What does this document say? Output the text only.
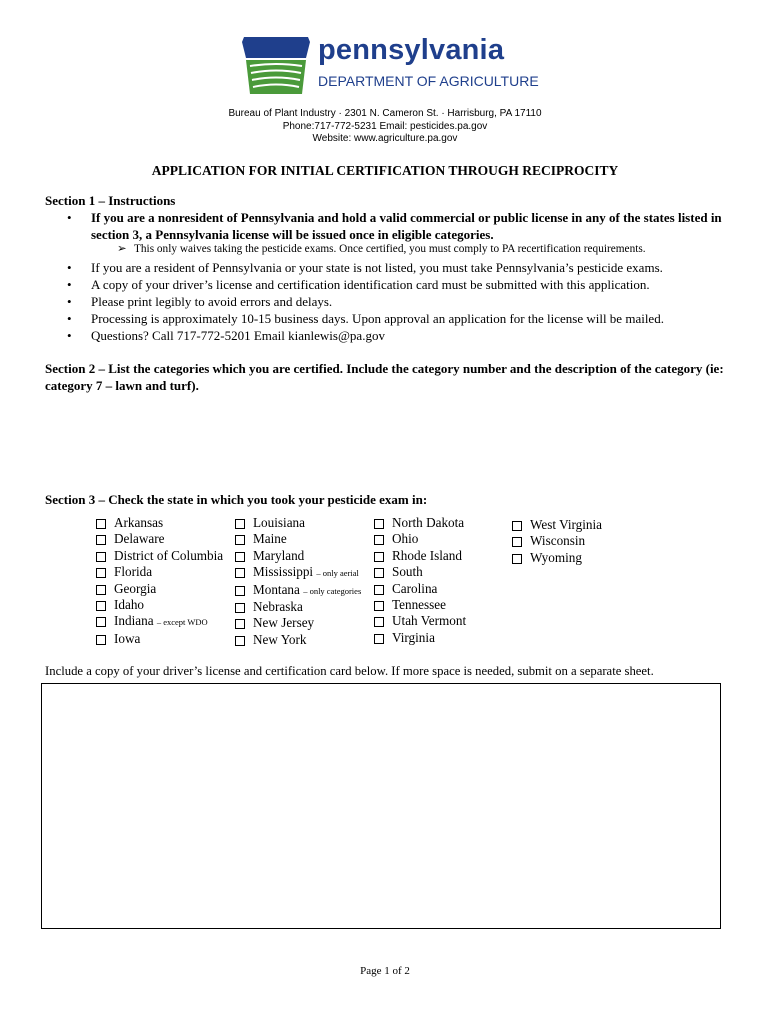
pennsylvania
DEPARTMENT OF AGRICULTURE
Bureau of Plant Industry · 2301 N. Cameron St. · Harrisburg, PA 17110
Phone:717-772-5231 Email: pesticides.pa.gov
Website: www.agriculture.pa.gov
APPLICATION FOR INITIAL CERTIFICATION THROUGH RECIPROCITY
Section 1 – Instructions
• If you are a nonresident of Pennsylvania and hold a valid commercial or public license in any of the states listed in section 3, a Pennsylvania license will be issued once in eligible categories.
➢ This only waives taking the pesticide exams. Once certified, you must comply to PA recertification requirements.
• If you are a resident of Pennsylvania or your state is not listed, you must take Pennsylvania’s pesticide exams.
• A copy of your driver’s license and certification identification card must be submitted with this application.
• Please print legibly to avoid errors and delays.
• Processing is approximately 10-15 business days. Upon approval an application for the license will be mailed.
• Questions? Call 717-772-5201 Email kianlewis@pa.gov
Section 2 – List the categories which you are certified. Include the category number and the description of the category (ie: category 7 – lawn and turf).
Section 3 – Check the state in which you took your pesticide exam in:
Arkansas
Delaware
District of Columbia
Florida
Georgia
Idaho
Indiana – except WDO
Iowa
Louisiana
Maine
Maryland
Mississippi – only aerial
Montana – only categories
Nebraska
New Jersey
New York
North Dakota
Ohio
Rhode Island
South
Carolina
Tennessee
Utah Vermont
Virginia
West Virginia
Wisconsin
Wyoming
Include a copy of your driver’s license and certification card below. If more space is needed, submit on a separate sheet.
Page 1 of 2
